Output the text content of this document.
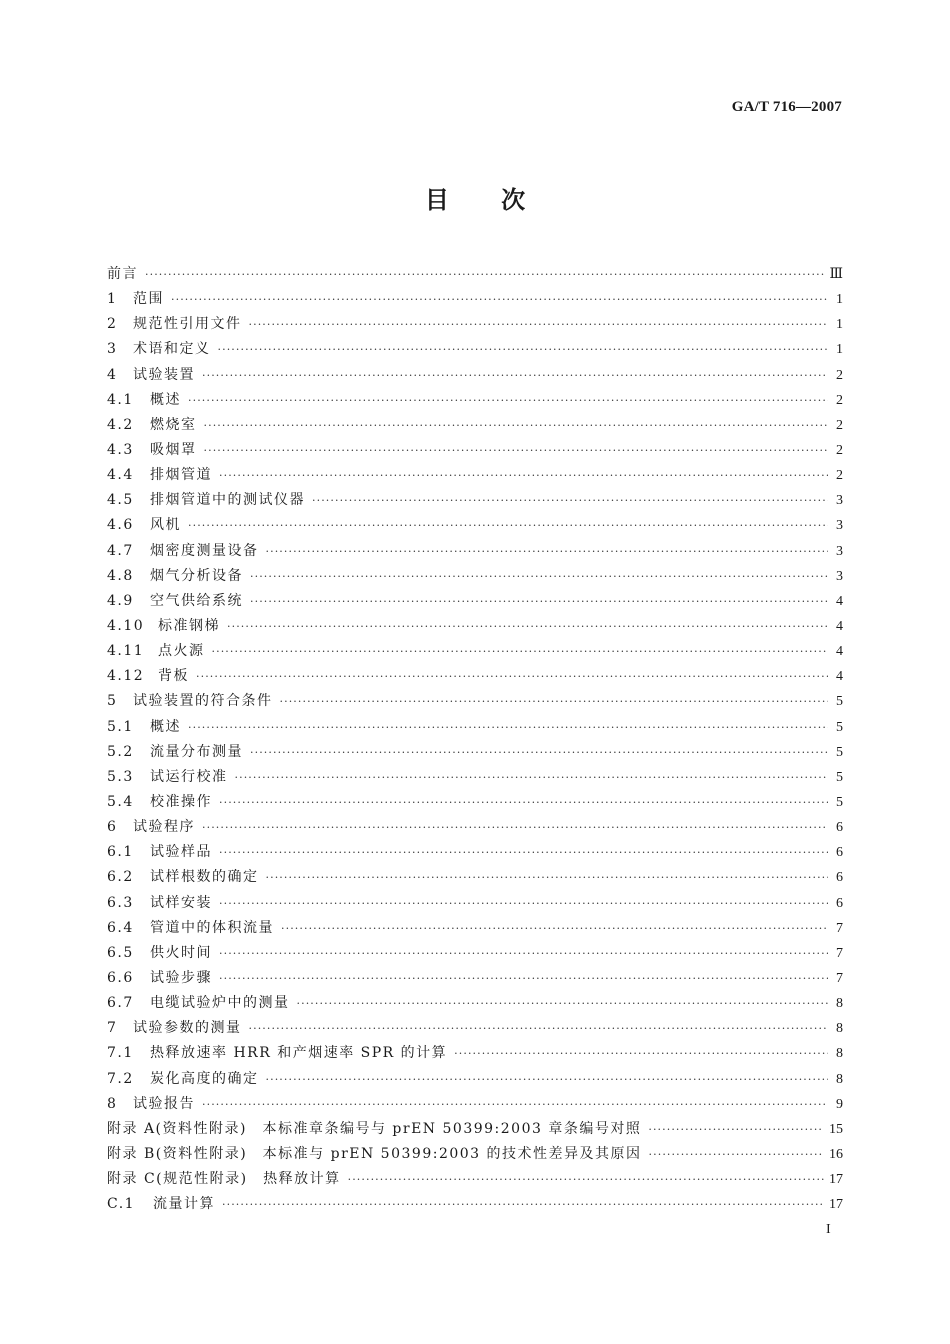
GA/T 716—2007
目 次
前言 ·····	Ⅲ
1	范围 ·····	1
2	规范性引用文件 ·····	1
3	术语和定义 ·····	1
4	试验装置 ·····	2
4.1	概述 ·····	2
4.2	燃烧室 ·····	2
4.3	吸烟罩 ·····	2
4.4	排烟管道 ·····	2
4.5	排烟管道中的测试仪器 ·····	3
4.6	风机 ·····	3
4.7	烟密度测量设备 ·····	3
4.8	烟气分析设备 ·····	3
4.9	空气供给系统 ·····	4
4.10 标准钢梯 ·····	4
4.11 点火源 ·····	4
4.12 背板 ·····	4
5	试验装置的符合条件 ·····	5
5.1	概述 ·····	5
5.2	流量分布测量 ·····	5
5.3	试运行校准 ·····	5
5.4	校准操作 ·····	5
6	试验程序 ·····	6
6.1	试验样品 ·····	6
6.2	试样根数的确定 ·····	6
6.3	试样安装 ·····	6
6.4	管道中的体积流量 ·····	7
6.5	供火时间 ·····	7
6.6	试验步骤 ·····	7
6.7	电缆试验炉中的测量 ·····	8
7	试验参数的测量 ·····	8
7.1	热释放速率 HRR 和产烟速率 SPR 的计算 ·····	8
7.2	炭化高度的确定 ·····	8
8	试验报告 ·····	9
附录 A(资料性附录)　本标准章条编号与 prEN 50399:2003 章条编号对照 ·····	15
附录 B(资料性附录)　本标准与 prEN 50399:2003 的技术性差异及其原因 ·····	16
附录 C(规范性附录)　热释放计算 ·····	17
C.1	流量计算 ·····	17
I
